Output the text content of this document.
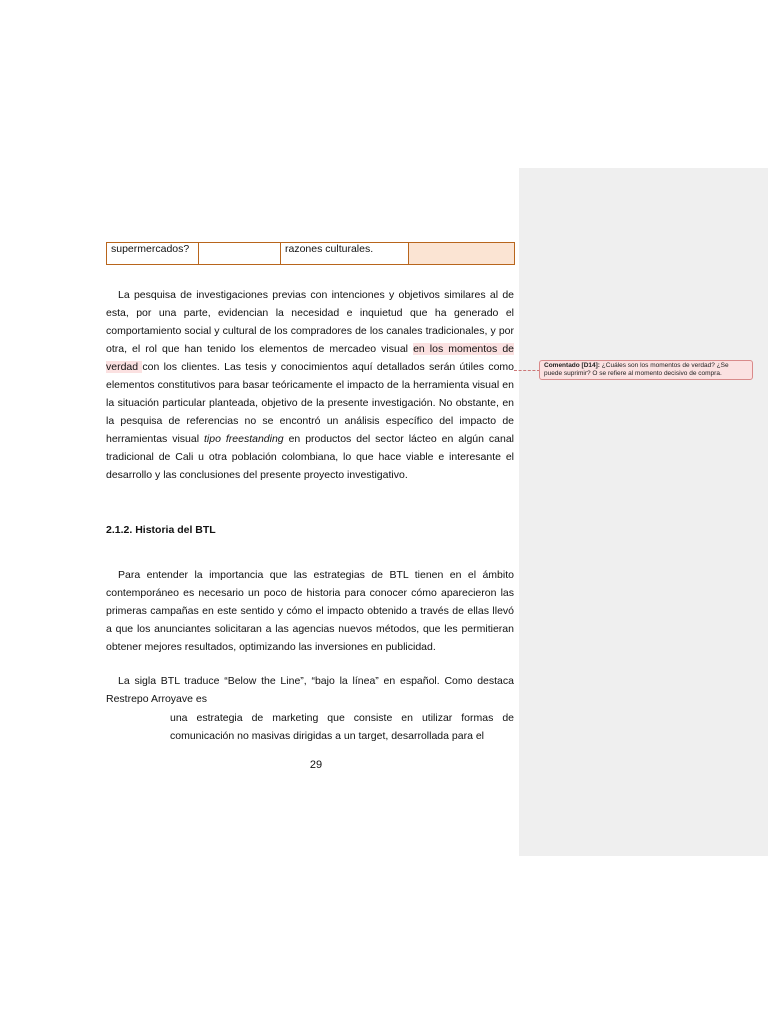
supermercados?		razones culturales.	

La pesquisa de investigaciones previas con intenciones y objetivos similares al de esta, por una parte, evidencian la necesidad e inquietud que ha generado el comportamiento social y cultural de los compradores de los canales tradicionales, y por otra, el rol que han tenido los elementos de mercadeo visual en los momentos de verdad con los clientes. Las tesis y conocimientos aquí detallados serán útiles como elementos constitutivos para basar teóricamente el impacto de la herramienta visual en la situación particular planteada, objetivo de la presente investigación. No obstante, en la pesquisa de referencias no se encontró un análisis específico del impacto de herramientas visual tipo freestanding en productos del sector lácteo en algún canal tradicional de Cali u otra población colombiana, lo que hace viable e interesante el desarrollo y las conclusiones del presente proyecto investigativo.

2.1.2. Historia del BTL

Para entender la importancia que las estrategias de BTL tienen en el ámbito contemporáneo es necesario un poco de historia para conocer cómo aparecieron las primeras campañas en este sentido y cómo el impacto obtenido a través de ellas llevó a que los anunciantes solicitaran a las agencias nuevos métodos, que les permitieran obtener mejores resultados, optimizando las inversiones en publicidad.

La sigla BTL traduce “Below the Line”, “bajo la línea” en español. Como destaca Restrepo Arroyave es

una estrategia de marketing que consiste en utilizar formas de comunicación no masivas dirigidas a un target, desarrollada para el

29
Comentado [D14]: ¿Cuáles son los momentos de verdad? ¿Se puede suprimir? O se refiere al momento decisivo de compra.
